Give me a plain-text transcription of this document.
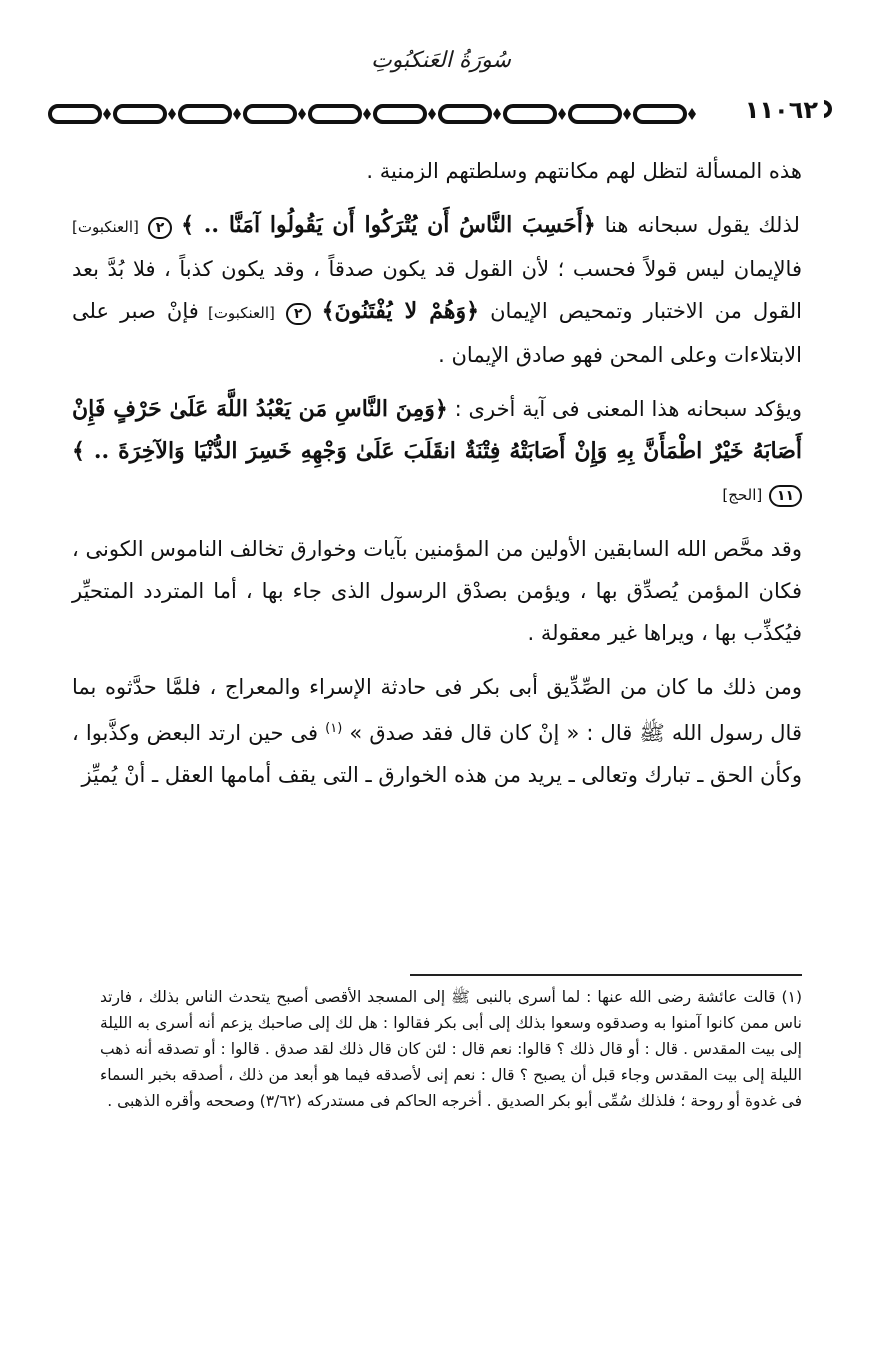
سُورَةُ العَنكبُوتِ
١١٠٦٢

هذه المسألة لتظل لهم مكانتهم وسلطتهم الزمنية .

لذلك يقول سبحانه هنا ﴿أَحَسِبَ النَّاسُ أَن يُتْرَكُوا أَن يَقُولُوا آمَنَّا .. ﴾ ٢ [العنكبوت] فالإيمان ليس قولاً فحسب ؛ لأن القول قد يكون صدقاً ، وقد يكون كذباً ، فلا بُدَّ بعد القول من الاختبار وتمحيص الإيمان ﴿وَهُمْ لا يُفْتَنُونَ﴾ ٢ [العنكبوت] فإنْ صبر على الابتلاءات وعلى المحن فهو صادق الإيمان .

ويؤكد سبحانه هذا المعنى فى آية أخرى : ﴿وَمِنَ النَّاسِ مَن يَعْبُدُ اللَّهَ عَلَىٰ حَرْفٍ فَإِنْ أَصَابَهُ خَيْرٌ اطْمَأَنَّ بِهِ وَإِنْ أَصَابَتْهُ فِتْنَةٌ انقَلَبَ عَلَىٰ وَجْهِهِ خَسِرَ الدُّنْيَا وَالآخِرَةَ .. ﴾ ١١ [الحج]

وقد محَّص الله السابقين الأولين من المؤمنين بآيات وخوارق تخالف الناموس الكونى ، فكان المؤمن يُصدِّق بها ، ويؤمن بصدْق الرسول الذى جاء بها ، أما المتردد المتحيِّر فيُكذِّب بها ، ويراها غير معقولة .

ومن ذلك ما كان من الصِّدِّيق أبى بكر فى حادثة الإسراء والمعراج ، فلمَّا حدَّثوه بما قال رسول الله ﷺ قال : « إنْ كان قال فقد صدق » $^{(١)}$ فى حين ارتد البعض وكذَّبوا ، وكأن الحق ـ تبارك وتعالى ـ يريد من هذه الخوارق ـ التى يقف أمامها العقل ـ أنْ يُميِّز

(١) قالت عائشة رضى الله عنها : لما أسرى بالنبى ﷺ إلى المسجد الأقصى أصبح يتحدث الناس بذلك ، فارتد ناس ممن كانوا آمنوا به وصدقوه وسعوا بذلك إلى أبى بكر فقالوا : هل لك إلى صاحبك يزعم أنه أسرى به الليلة إلى بيت المقدس . قال : أو قال ذلك ؟ قالوا: نعم قال : لئن كان قال ذلك لقد صدق . قالوا : أو تصدقه أنه ذهب الليلة إلى بيت المقدس وجاء قبل أن يصبح ؟ قال : نعم إنى لأصدقه فيما هو أبعد من ذلك ، أصدقه بخبر السماء فى غدوة أو روحة ؛ فلذلك سُمِّى أبو بكر الصديق . أخرجه الحاكم فى مستدركه (٣/٦٢) وصححه وأقره الذهبى .
